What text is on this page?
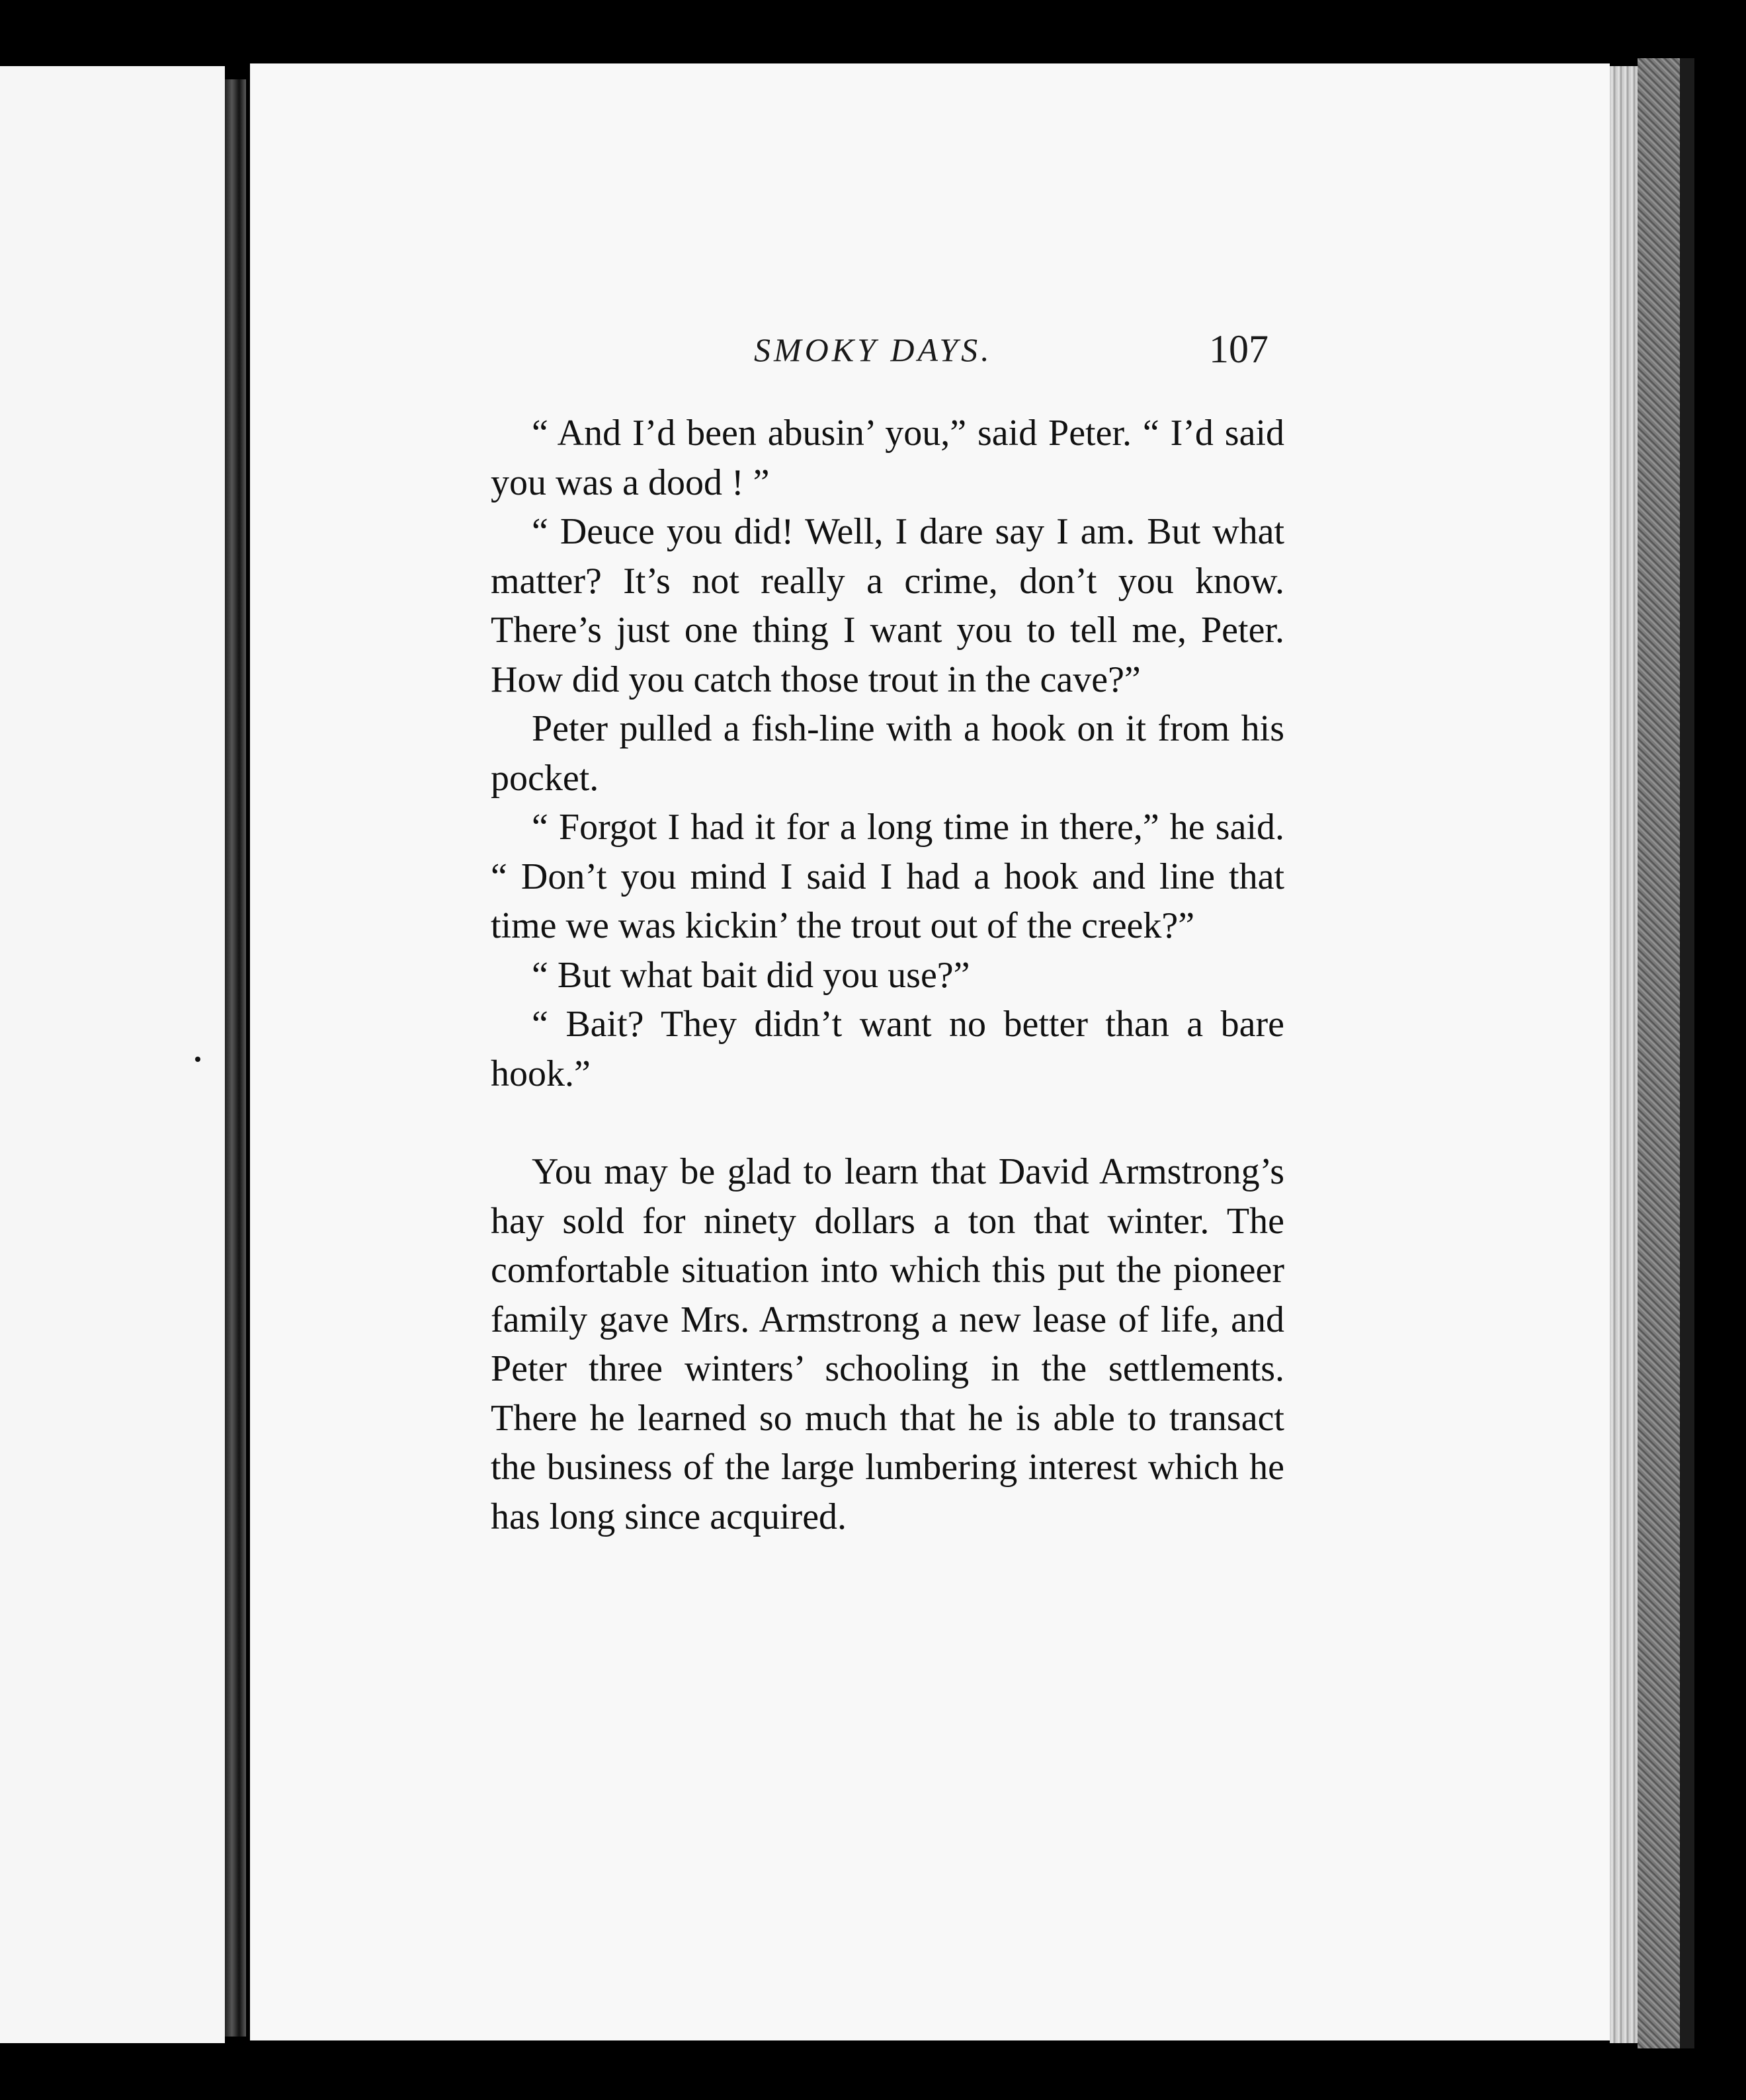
SMOKY DAYS.	107

“ And I’d been abusin’ you,” said Peter. “ I’d said you was a dood ! ”

“ Deuce you did! Well, I dare say I am. But what matter? It’s not really a crime, don’t you know. There’s just one thing I want you to tell me, Peter. How did you catch those trout in the cave?”

Peter pulled a fish-line with a hook on it from his pocket.

“ Forgot I had it for a long time in there,” he said. “ Don’t you mind I said I had a hook and line that time we was kickin’ the trout out of the creek?”

“ But what bait did you use?”

“ Bait? They didn’t want no better than a bare hook.”

You may be glad to learn that David Armstrong’s hay sold for ninety dollars a ton that winter. The comfortable situation into which this put the pioneer family gave Mrs. Armstrong a new lease of life, and Peter three winters’ schooling in the settlements. There he learned so much that he is able to transact the business of the large lumbering interest which he has long since acquired.
